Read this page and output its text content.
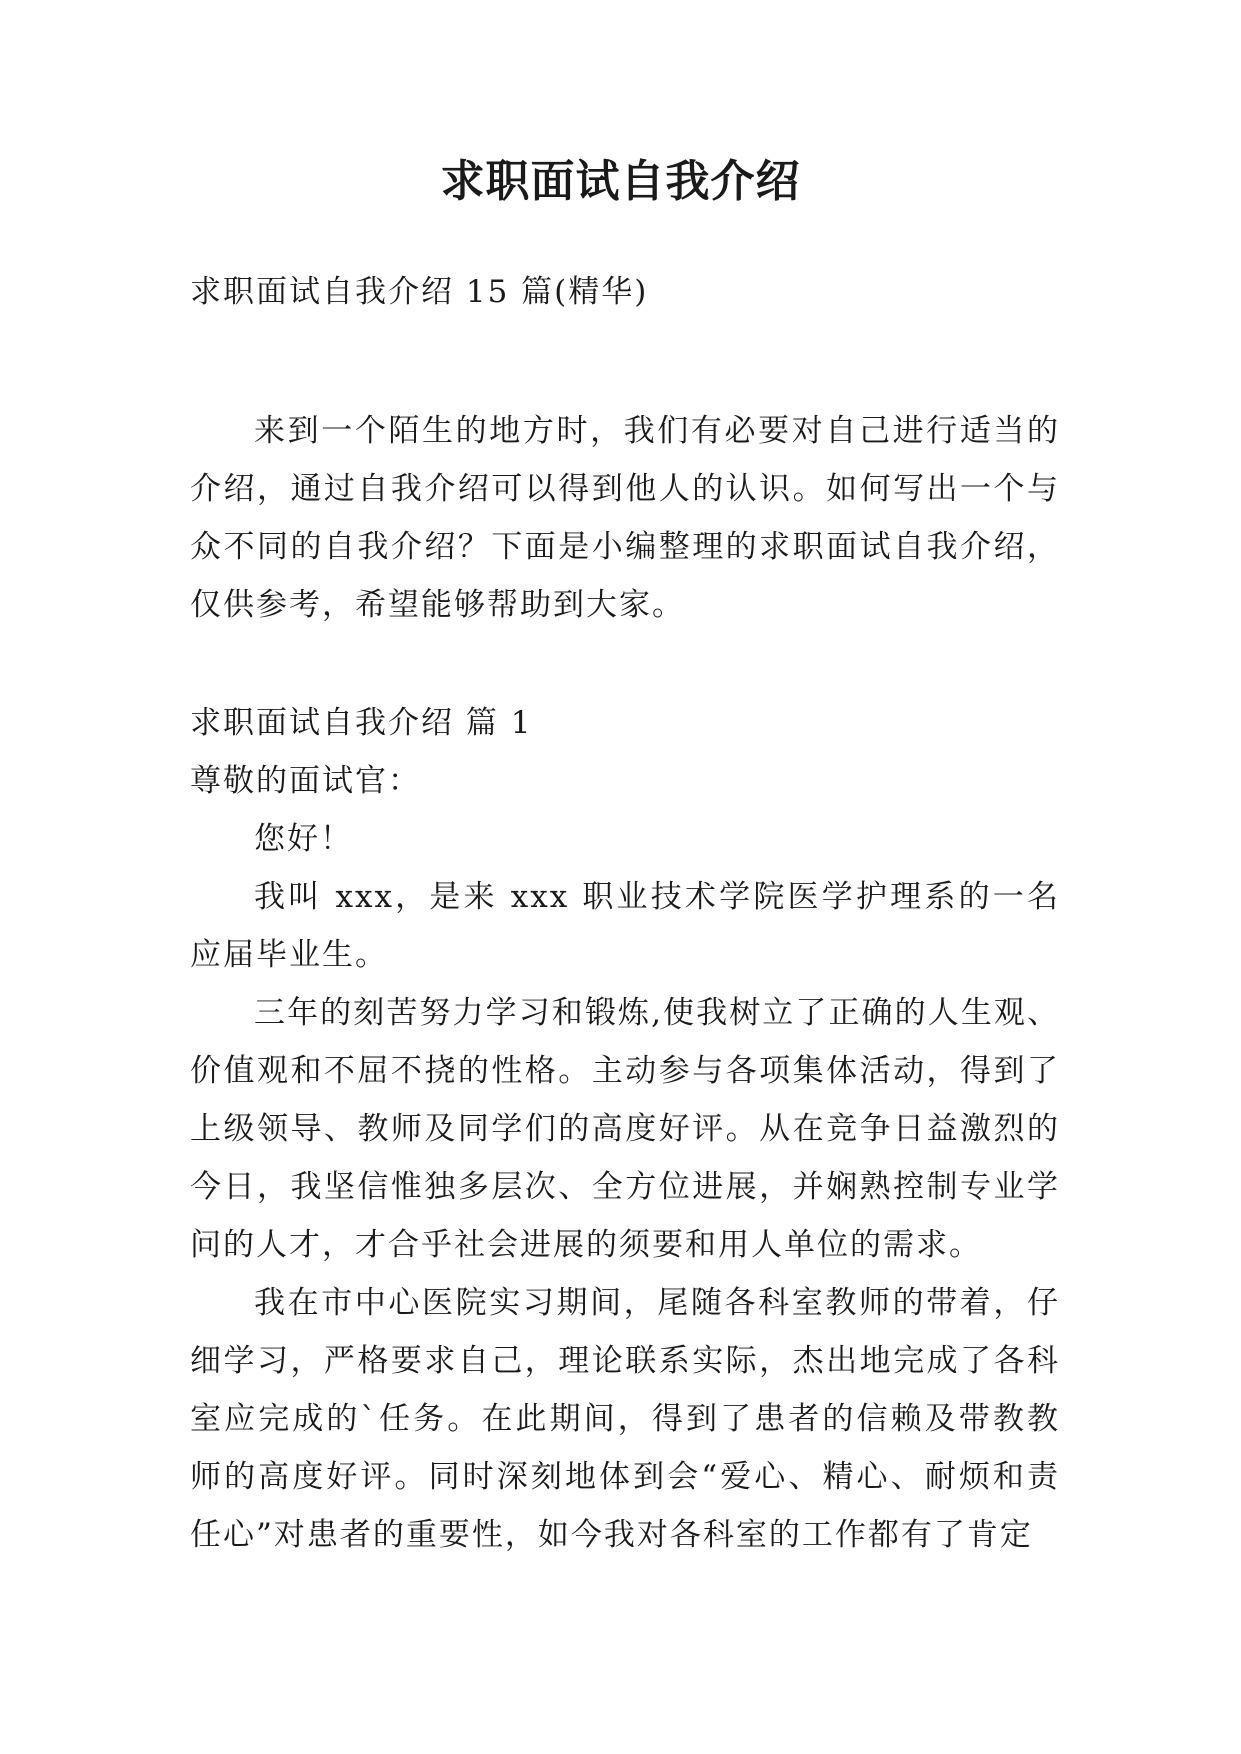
求职面试自我介绍
求职面试自我介绍 15 篇(精华)

来到一个陌生的地方时，我们有必要对自己进行适当的介绍，通过自我介绍可以得到他人的认识。如何写出一个与众不同的自我介绍？下面是小编整理的求职面试自我介绍，仅供参考，希望能够帮助到大家。

求职面试自我介绍 篇 1

尊敬的面试官：

您好！

我叫 xxx，是来 xxx 职业技术学院医学护理系的一名应届毕业生。

三年的刻苦努力学习和锻炼,使我树立了正确的人生观、价值观和不屈不挠的性格。主动参与各项集体活动，得到了上级领导、教师及同学们的高度好评。从在竞争日益激烈的今日，我坚信惟独多层次、全方位进展，并娴熟控制专业学问的人才，才合乎社会进展的须要和用人单位的需求。

我在市中心医院实习期间，尾随各科室教师的带着，仔细学习，严格要求自己，理论联系实际，杰出地完成了各科室应完成的`任务。在此期间，得到了患者的信赖及带教教师的高度好评。同时深刻地体到会“爱心、精心、耐烦和责任心”对患者的重要性，如今我对各科室的工作都有了肯定
